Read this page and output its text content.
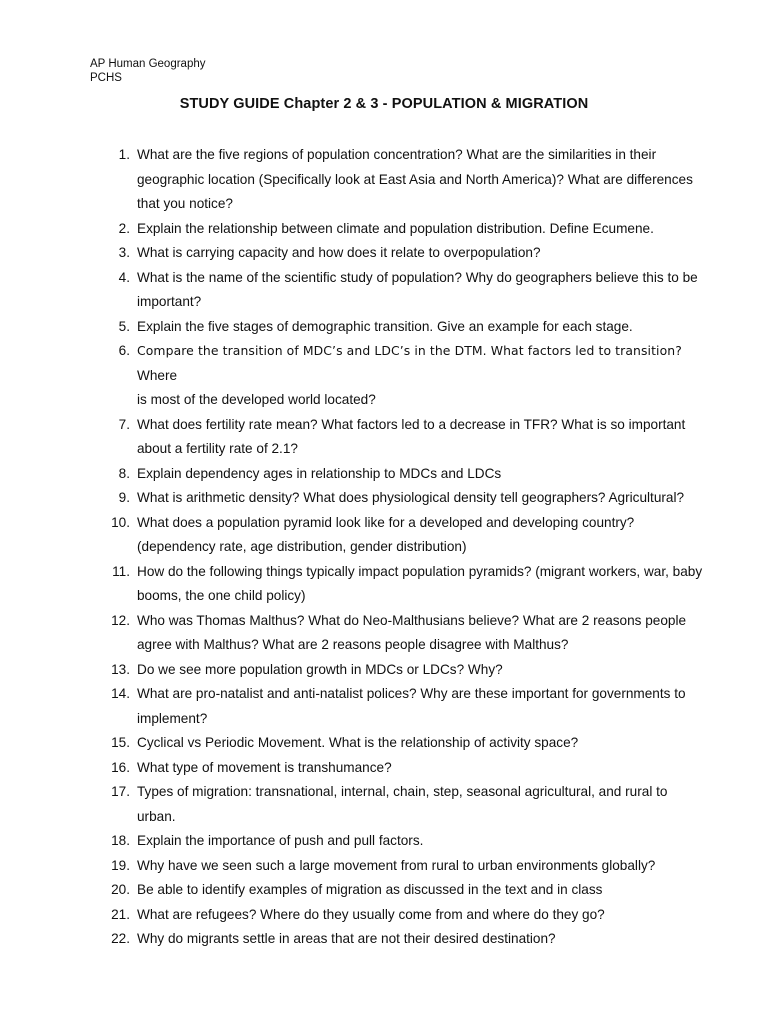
AP Human Geography
PCHS
STUDY GUIDE Chapter 2 & 3 - POPULATION & MIGRATION
1. What are the five regions of population concentration? What are the similarities in their
geographic location (Specifically look at East Asia and North America)? What are differences
that you notice?
2. Explain the relationship between climate and population distribution. Define Ecumene.
3. What is carrying capacity and how does it relate to overpopulation?
4. What is the name of the scientific study of population? Why do geographers believe this to be
important?
5. Explain the five stages of demographic transition. Give an example for each stage.
6. Compare the transition of MDC’s and LDC’s in the DTM. What factors led to transition? Where
is most of the developed world located?
7. What does fertility rate mean? What factors led to a decrease in TFR? What is so important
about a fertility rate of 2.1?
8. Explain dependency ages in relationship to MDCs and LDCs
9. What is arithmetic density? What does physiological density tell geographers? Agricultural?
10. What does a population pyramid look like for a developed and developing country?
(dependency rate, age distribution, gender distribution)
11. How do the following things typically impact population pyramids? (migrant workers, war, baby
booms, the one child policy)
12. Who was Thomas Malthus? What do Neo-Malthusians believe? What are 2 reasons people
agree with Malthus? What are 2 reasons people disagree with Malthus?
13. Do we see more population growth in MDCs or LDCs? Why?
14. What are pro-natalist and anti-natalist polices? Why are these important for governments to
implement?
15. Cyclical vs Periodic Movement. What is the relationship of activity space?
16. What type of movement is transhumance?
17. Types of migration: transnational, internal, chain, step, seasonal agricultural, and rural to
urban.
18. Explain the importance of push and pull factors.
19. Why have we seen such a large movement from rural to urban environments globally?
20. Be able to identify examples of migration as discussed in the text and in class
21. What are refugees? Where do they usually come from and where do they go?
22. Why do migrants settle in areas that are not their desired destination?
